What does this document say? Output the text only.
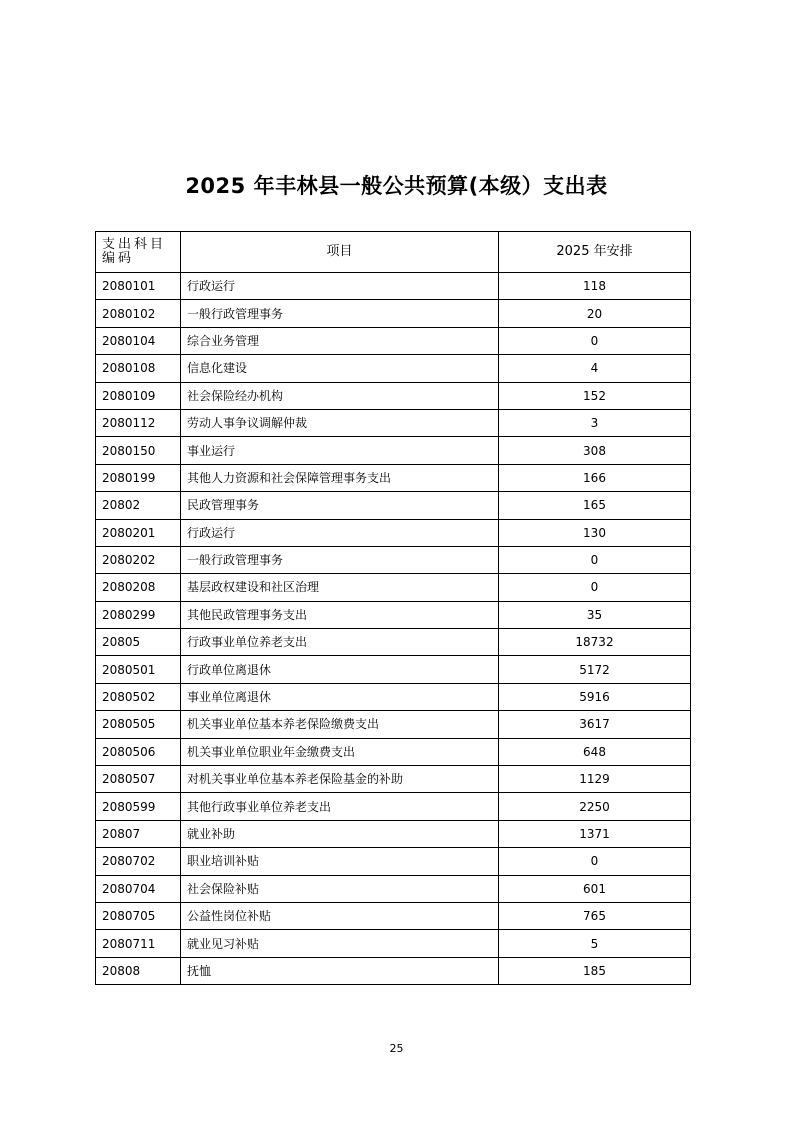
2025 年丰林县一般公共预算(本级）支出表
支出科目编码	项目	2025 年安排
2080101	行政运行	118
2080102	一般行政管理事务	20
2080104	综合业务管理	0
2080108	信息化建设	4
2080109	社会保险经办机构	152
2080112	劳动人事争议调解仲裁	3
2080150	事业运行	308
2080199	其他人力资源和社会保障管理事务支出	166
20802	民政管理事务	165
2080201	行政运行	130
2080202	一般行政管理事务	0
2080208	基层政权建设和社区治理	0
2080299	其他民政管理事务支出	35
20805	行政事业单位养老支出	18732
2080501	行政单位离退休	5172
2080502	事业单位离退休	5916
2080505	机关事业单位基本养老保险缴费支出	3617
2080506	机关事业单位职业年金缴费支出	648
2080507	对机关事业单位基本养老保险基金的补助	1129
2080599	其他行政事业单位养老支出	2250
20807	就业补助	1371
2080702	职业培训补贴	0
2080704	社会保险补贴	601
2080705	公益性岗位补贴	765
2080711	就业见习补贴	5
20808	抚恤	185
25
